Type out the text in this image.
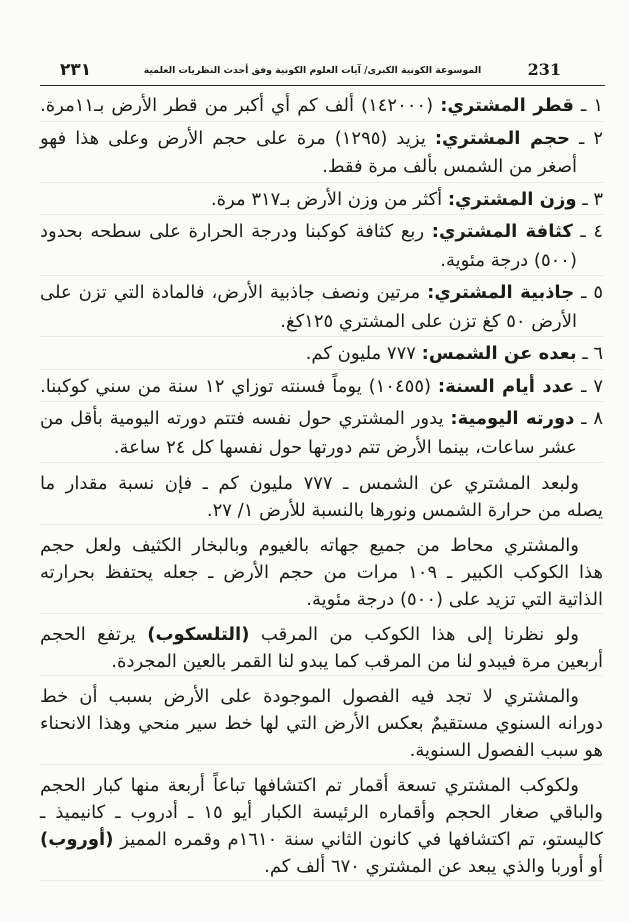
٢٣١	الموسوعة الكونية الكبرى/ آيات العلوم الكونية وفق أحدث النظريات العلمية	231
١ ـ قطر المشتري: (١٤٢٠٠٠) ألف كم أي أكبر من قطر الأرض بـ١١مرة.
٢ ـ حجم المشتري: يزيد (١٢٩٥) مرة على حجم الأرض وعلى هذا فهو
أصغر من الشمس بألف مرة فقط.
٣ ـ وزن المشتري: أكثر من وزن الأرض بـ٣١٧ مرة.
٤ ـ كثافة المشتري: ربع كثافة كوكبنا ودرجة الحرارة على سطحه بحدود
(٥٠٠) درجة مئوية.
٥ ـ جاذبية المشتري: مرتين ونصف جاذبية الأرض، فالمادة التي تزن على
الأرض ٥٠ كغ تزن على المشتري ١٢٥كغ.
٦ ـ بعده عن الشمس: ٧٧٧ مليون كم.
٧ ـ عدد أيام السنة: (١٠٤٥٥) يوماً فسنته توزاي ١٢ سنة من سني كوكبنا.
٨ ـ دورته اليومية: يدور المشتري حول نفسه فتتم دورته اليومية بأقل من
عشر ساعات، بينما الأرض تتم دورتها حول نفسها كل ٢٤ ساعة.
ولبعد المشتري عن الشمس ـ ٧٧٧ مليون كم ـ فإن نسبة مقدار ما
يصله من حرارة الشمس ونورها بالنسبة للأرض ١/ ٢٧.
والمشتري محاط من جميع جهاته بالغيوم وبالبخار الكثيف ولعل حجم
هذا الكوكب الكبير ـ ١٠٩ مرات من حجم الأرض ـ جعله يحتفظ بحرارته
الذاتية التي تزيد على (٥٠٠) درجة مئوية.
ولو نظرنا إلى هذا الكوكب من المرقب (التلسكوب) يرتفع الحجم
أربعين مرة فيبدو لنا من المرقب كما يبدو لنا القمر بالعين المجردة.
والمشتري لا تجد فيه الفصول الموجودة على الأرض بسبب أن خط
دورانه السنوي مستقيمٌ بعكس الأرض التي لها خط سير منحي وهذا الانحناء
هو سبب الفصول السنوية.
ولكوكب المشتري تسعة أقمار تم اكتشافها تباعاً أربعة منها كبار الحجم
والباقي صغار الحجم وأقماره الرئيسة الكبار أيو ١٥ ـ أدروب ـ كانيميذ ـ
كاليستو، تم اكتشافها في كانون الثاني سنة ١٦١٠م وقمره المميز (أوروب)
أو أوربا والذي يبعد عن المشتري ٦٧٠ ألف كم.
